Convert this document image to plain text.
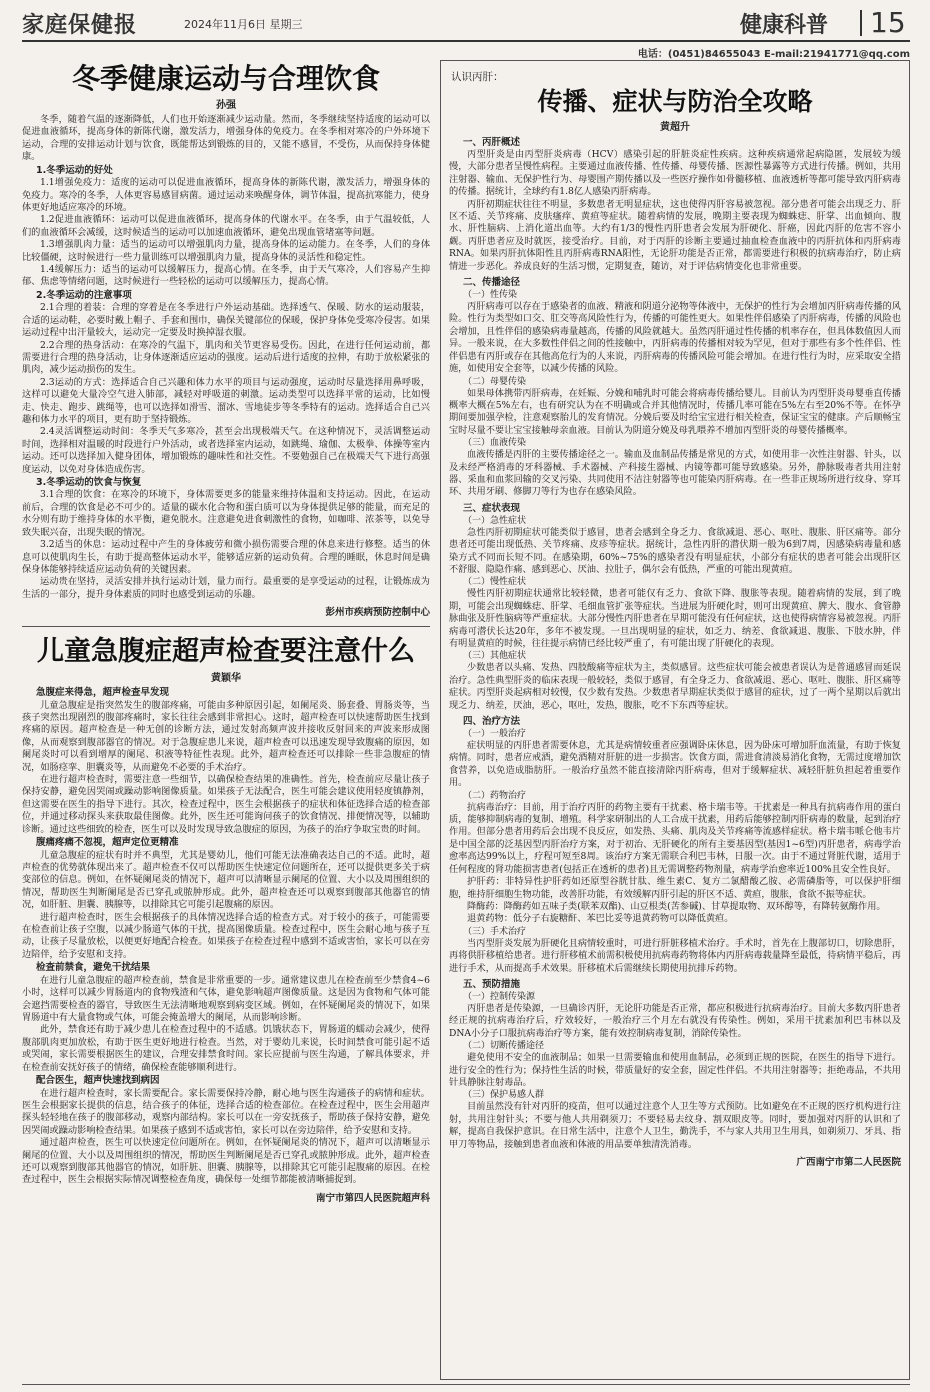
家庭保健报	2024年11月6日 星期三	健康科普 15
电话：(0451)84655043 E-mail:21941771@qq.com
冬季健康运动与合理饮食
孙强

冬季，随着气温的逐渐降低，人们也开始逐渐减少运动量。然而，冬季继续坚持适度的运动可以促进血液循环，提高身体的新陈代谢，激发活力，增强身体的免疫力。在冬季相对寒冷的户外环境下运动，合理的安排运动计划与饮食，既能帮达到锻炼的目的，又能不感冒，不受伤，从而保持身体健康。

1.冬季运动的好处

1.1增强免疫力：适度的运动可以促进血液循环，提高身体的新陈代谢，激发活力，增强身体的免疫力。寒冷的冬季，人体更容易感冒病菌。通过运动来唤醒身体，调节体温，提高抗寒能力，使身体更好地适应寒冷的环境。

1.2促进血液循环：运动可以促进血液循环，提高身体的代谢水平。在冬季，由于气温较低，人们的血液循环会减缓，这时候适当的运动可以加速血液循环，避免出现血管堵塞等问题。

1.3增强肌肉力量：适当的运动可以增强肌肉力量，提高身体的运动能力。在冬季，人们的身体比较僵硬，这时候进行一些力量训练可以增强肌肉力量，提高身体的灵活性和稳定性。

1.4缓解压力：适当的运动可以缓解压力，提高心情。在冬季，由于天气寒冷，人们容易产生抑郁、焦虑等情绪问题，这时候进行一些轻松的运动可以缓解压力，提高心情。

2.冬季运动的注意事项

2.1合理的着装：合理的穿着是在冬季进行户外运动基础。选择透气、保暖、防水的运动服装，合适的运动鞋，必要时戴上帽子、手套和围巾，确保关键部位的保暖，保护身体免受寒冷侵害。如果运动过程中出汗量较大，运动完一定要及时换掉湿衣服。

2.2合理的热身活动：在寒冷的气温下，肌肉和关节更容易受伤。因此，在进行任何运动前，都需要进行合理的热身活动，让身体逐渐适应运动的强度。运动后进行适度的拉伸，有助于放松紧张的肌肉，减少运动损伤的发生。

2.3运动的方式：选择适合自己兴趣和体力水平的项目与运动强度，运动时尽量选择用鼻呼吸，这样可以避免大量冷空气进入肺部，减轻对呼吸道的刺激。运动类型可以选择平常的运动，比如慢走、快走、跑步、跳绳等，也可以选择如滑雪、溜冰、雪地徒步等冬季特有的运动。选择适合自己兴趣和体力水平的项目，更有助于坚持锻炼。

2.4灵活调整运动时间：冬季天气多寒冷，甚至会出现极端天气。在这种情况下，灵活调整运动时间，选择相对温暖的时段进行户外活动，或者选择室内运动，如跳绳、瑜伽、太极拳、体操等室内运动。还可以选择加入健身团体，增加锻炼的趣味性和社交性。不要勉强自己在极端天气下进行高强度运动，以免对身体造成伤害。

3.冬季运动的饮食与恢复

3.1合理的饮食：在寒冷的环境下，身体需要更多的能量来维持体温和支持运动。因此，在运动前后，合理的饮食是必不可少的。适量的碳水化合物和蛋白质可以为身体提供足够的能量，而充足的水分则有助于维持身体的水平衡，避免脱水。注意避免进食刺激性的食物，如咖啡、浓茶等，以免导致失眠兴奋，出现失眠的情况。

3.2适当的休息：运动过程中产生的身体疲劳和微小损伤需要合理的休息来进行修整。适当的休息可以使肌肉生长，有助于提高整体运动水平，能够适应新的运动负荷。合理的睡眠，休息时间是确保身体能够持续适应运动负荷的关键因素。

运动贵在坚持，灵活安排并执行运动计划，量力而行。最重要的是享受运动的过程，让锻炼成为生活的一部分，提升身体素质的同时也感受到运动的乐趣。

彭州市疾病预防控制中心
儿童急腹症超声检查要注意什么
黄颖华
急腹症来得急，超声检查早发现

儿童急腹症是指突然发生的腹部疼痛，可能由多种原因引起，如阑尾炎、肠套叠、胃肠炎等，当孩子突然出现剧烈的腹部疼痛时，家长往往会感到非常担心。这时，超声检查可以快速帮助医生找到疼痛的原因。超声检查是一种无创的诊断方法，通过发射高频声波并接收反射回来的声波来形成图像，从而观察到腹部器官的情况。对于急腹症患儿来说，超声检查可以迅速发现导致腹痛的原因，如阑尾炎时可以看到增厚的阑尾、积液等特征性表现。此外，超声检查还可以排除一些非急腹症的情况，如肠痉挛、胆囊炎等，从而避免不必要的手术治疗。

在进行超声检查时，需要注意一些细节，以确保检查结果的准确性。首先，检查前应尽量让孩子保持安静，避免因哭闹或躁动影响图像质量。如果孩子无法配合，医生可能会建议使用轻度镇静剂，但这需要在医生的指导下进行。其次，检查过程中，医生会根据孩子的症状和体征选择合适的检查部位，并通过移动探头来获取最佳图像。此外，医生还可能询问孩子的饮食情况、排便情况等，以辅助诊断。通过这些细致的检查，医生可以及时发现导致急腹症的原因，为孩子的治疗争取宝贵的时间。

腹痛疼痛不忽视，超声定位更精准

儿童急腹症的症状有时并不典型，尤其是婴幼儿，他们可能无法准确表达自己的不适。此时，超声检查的优势就体现出来了。超声检查不仅可以帮助医生快速定位问题所在，还可以提供更多关于病变部位的信息。例如，在怀疑阑尾炎的情况下，超声可以清晰显示阑尾的位置、大小以及周围组织的情况，帮助医生判断阑尾是否已穿孔或脓肿形成。此外，超声检查还可以观察到腹部其他器官的情况，如肝脏、胆囊、胰腺等，以排除其它可能引起腹痛的原因。

进行超声检查时，医生会根据孩子的具体情况选择合适的检查方式。对于较小的孩子，可能需要在检查前让孩子空腹，以减少肠道气体的干扰，提高图像质量。检查过程中，医生会耐心地与孩子互动，让孩子尽量放松，以便更好地配合检查。如果孩子在检查过程中感到不适或害怕，家长可以在旁边陪伴，给予安慰和支持。

检查前禁食，避免干扰结果

在进行儿童急腹症的超声检查前，禁食是非常重要的一步。通常建议患儿在检查前至少禁食4~6小时，这样可以减少胃肠道内的食物残渣和气体，避免影响超声图像质量。这是因为食物和气体可能会遮挡需要检查的器官，导致医生无法清晰地观察到病变区域。例如，在怀疑阑尾炎的情况下，如果胃肠道中有大量食物或气体，可能会掩盖增大的阑尾，从而影响诊断。

此外，禁食还有助于减少患儿在检查过程中的不适感。饥饿状态下，胃肠道的蠕动会减少，使得腹部肌肉更加放松，有助于医生更好地进行检查。当然，对于婴幼儿来说，长时间禁食可能引起不适或哭闹，家长需要根据医生的建议，合理安排禁食时间。家长应提前与医生沟通，了解具体要求，并在检查前安抚好孩子的情绪，确保检查能够顺利进行。

配合医生，超声快速找到病因

在进行超声检查时，家长需要配合。家长需要保持冷静，耐心地与医生沟通孩子的病情和症状。医生会根据家长提供的信息，结合孩子的体征，选择合适的检查部位。在检查过程中，医生会用超声探头轻轻地在孩子的腹部移动，观察内部结构。家长可以在一旁安抚孩子，帮助孩子保持安静，避免因哭闹或躁动影响检查结果。如果孩子感到不适或害怕，家长可以在旁边陪伴，给予安慰和支持。

通过超声检查，医生可以快速定位问题所在。例如，在怀疑阑尾炎的情况下，超声可以清晰显示阑尾的位置、大小以及周围组织的情况，帮助医生判断阑尾是否已穿孔或脓肿形成。此外，超声检查还可以观察到腹部其他器官的情况，如肝脏、胆囊、胰腺等，以排除其它可能引起腹痛的原因。在检查过程中，医生会根据实际情况调整检查角度，确保每一处细节都能被清晰捕捉到。

南宁市第四人民医院超声科
认识丙肝：
传播、症状与防治全攻略
黄超升
一、丙肝概述

丙型肝炎是由丙型肝炎病毒（HCV）感染引起的肝脏炎症性疾病。这种疾病通常起病隐匿，发展较为缓慢，大部分患者呈慢性病程。主要通过血液传播、性传播、母婴传播、医源性暴露等方式进行传播。例如，共用注射器、输血、无保护性行为、母婴围产期传播以及一些医疗操作如骨髓移植、血液透析等都可能导致丙肝病毒的传播。据统计，全球约有1.8亿人感染丙肝病毒。

丙肝初期症状往往不明显，多数患者无明显症状，这也使得丙肝容易被忽视。部分患者可能会出现乏力、肝区不适、关节疼痛、皮肤瘙痒、黄疸等症状。随着病情的发展，晚期主要表现为蜘蛛痣、肝掌、出血倾向、腹水、肝性脑病、上消化道出血等。大约有1/3的慢性丙肝患者会发展为肝硬化、肝癌，因此丙肝的危害不容小觑。丙肝患者应及时就医，接受治疗。目前，对于丙肝的诊断主要通过抽血检查血液中的丙肝抗体和丙肝病毒RNA。如果丙肝抗体阳性且丙肝病毒RNA阳性，无论肝功能是否正常，都需要进行积极的抗病毒治疗，防止病情进一步恶化。养成良好的生活习惯，定期复查，随访，对于评估病情变化也非常重要。

二、传播途径
（一）性传染

丙肝病毒可以存在于感染者的血液、精液和阴道分泌物等体液中，无保护的性行为会增加丙肝病毒传播的风险。性行为类型如口交、肛交等高风险性行为，传播的可能性更大。如果性伴侣感染了丙肝病毒，传播的风险也会增加，且性伴侣的感染病毒量越高，传播的风险就越大。虽然丙肝通过性传播的机率存在，但具体数值因人而异。一般来说，在大多数性伴侣之间的性接触中，丙肝病毒的传播相对较为罕见，但对于那些有多个性伴侣、性伴侣患有丙肝或存在其他高危行为的人来说，丙肝病毒的传播风险可能会增加。在进行性行为时，应采取安全措施，如使用安全套等，以减少传播的风险。

（二）母婴传染

如果母体携带丙肝病毒，在妊娠、分娩和哺乳时可能会将病毒传播给婴儿。目前认为丙型肝炎母婴垂直传播概率大概在5%左右，也有研究认为在不明确或合并其他情况时，传播几率可能在5%左右至20%不等。在怀孕期间要加强孕检，注意观察胎儿的发育情况。分娩后要及时给宝宝进行相关检查，保证宝宝的健康。产后顺畅宝宝时尽量不要让宝宝接触母亲血液。目前认为阴道分娩及母乳喂养不增加丙型肝炎的母婴传播概率。

（三）血液传染

血液传播是丙肝的主要传播途径之一。输血及血制品传播是常见的方式，如使用非一次性注射器、针头，以及未经严格消毒的牙科器械、手术器械、产科接生器械、内镜等都可能导致感染。另外，静脉吸毒者共用注射器、采血和血浆回输的交叉污染、共同使用不洁注射器等也可能染丙肝病毒。在一些非正规场所进行纹身、穿耳环、共用牙刷、修脚刀等行为也存在感染风险。

三、症状表现
（一）急性症状

急性丙肝初期症状可能类似于感冒，患者会感到全身乏力、食欲减退、恶心、呕吐、腹胀、肝区痛等。部分患者还可能出现低热、关节疼痛、皮疹等症状。据统计，急性丙肝的潜伏期一般为6到7周，因感染病毒量和感染方式不同而长短不同。在感染期，60%~75%的感染者没有明显症状，小部分有症状的患者可能会出现肝区不舒服、隐隐作痛、感到恶心、厌油、拉肚子，偶尔会有低热，严重的可能出现黄疸。

（二）慢性症状

慢性丙肝初期症状通常比较轻微，患者可能仅有乏力、食欲下降、腹胀等表现。随着病情的发展，到了晚期，可能会出现蜘蛛痣、肝掌、毛细血管扩张等症状。当进展为肝硬化时，则可出现黄疸、脾大、腹水、食管静脉曲张及肝性脑病等严重症状。大部分慢性丙肝患者在早期可能没有任何症状，这也使得病情容易被忽视。丙肝病毒可潜伏长达20年，多年不被发现。一旦出现明显的症状，如乏力、纳差、食欲减退、腹胀、下肢水肿，伴有明显黄疸的时候，往往提示病情已经比较严重了，有可能出现了肝硬化的表现。

（三）其他症状

少数患者以头痛、发热、四肢酸痛等症状为主，类似感冒。这些症状可能会被患者误认为是普通感冒而延误治疗。急性典型肝炎的临床表现一般较轻，类似于感冒，有全身乏力、食欲减退、恶心、呕吐、腹胀、肝区痛等症状。丙型肝炎起病相对较慢，仅少数有发热。少数患者早期症状类似于感冒的症状，过了一两个星期以后就出现乏力、纳差，厌油，恶心，呕吐，发热，腹胀，吃不下东西等症状。

四、治疗方法
（一）一般治疗

症状明显的丙肝患者需要休息，尤其是病情较重者应强调卧床休息，因为卧床可增加肝血流量，有助于恢复病情。同时，患者应戒酒，避免酒精对肝脏的进一步损害。饮食方面，需进食清淡易消化食物，无需过度增加饮食营养，以免造成脂肪肝。一般治疗虽然不能直接清除丙肝病毒，但对于缓解症状、减轻肝脏负担起着重要作用。

（二）药物治疗

抗病毒治疗：目前，用于治疗丙肝的药物主要有干扰素、格卡瑞韦等。干扰素是一种具有抗病毒作用的蛋白质，能够抑制病毒的复制、增殖。科学家研制出的人工合成干扰素，用药后能够控制丙肝病毒的数量，起到治疗作用。但部分患者用药后会出现不良反应，如发热、头痛、肌肉及关节疼痛等流感样症状。格卡瑞韦哌仑他韦片是中国全部的泛基因型丙肝治疗方案，对于初治、无肝硬化的所有主要基因型(基因1~6型)丙肝患者，病毒学治愈率高达99%以上，疗程可短至8周。该治疗方案无需联合利巴韦林，日服一次。由于不通过肾脏代谢，适用于任何程度的肾功能损害患者(包括正在透析的患者)且无需调整药物剂量，病毒学治愈率近100%且安全性良好。

护肝药：非特异性护肝药如还原型谷胱甘肽、维生素C、复方二氯醋酸乙胺、必需磷脂等，可以保护肝细胞，维持肝细胞生物功能，改善肝功能，有效缓解丙肝引起的肝区不适、黄疸，腹胀，食欲不振等症状。

降酶药：降酶药如五味子类(联苯双酯)、山豆根类(苦参碱)、甘草提取物、双环醇等，有降转氨酶作用。

退黄药物：低分子右旋糖酐、苯巴比妥等退黄药物可以降低黄疸。

（三）手术治疗

当丙型肝炎发展为肝硬化且病情较重时，可进行肝脏移植术治疗。手术时，首先在上腹部切口，切除患肝，再将供肝移植给患者。进行肝移植术前需积极使用抗病毒药物将体内丙肝病毒载量降至最低，待病情平稳后，再进行手术，从而提高手术效果。肝移植术后需继续长期使用抗排斥药物。

五、预防措施
（一）控制传染源

丙肝患者是传染源，一旦确诊丙肝，无论肝功能是否正常，都应积极进行抗病毒治疗。目前大多数丙肝患者经正规的抗病毒治疗后，疗效较好，一般治疗三个月左右就没有传染性。例如，采用干扰素加利巴韦林以及DNA小分子口服抗病毒治疗等方案，能有效控制病毒复制，消除传染性。

（二）切断传播途径

避免使用不安全的血液制品；如果一旦需要输血和使用血制品，必须到正规的医院，在医生的指导下进行。进行安全的性行为；保持性生活的时候，带质量好的安全套，固定性伴侣。不共用注射器等；拒绝毒品，不共用针具静脉注射毒品。

（三）保护易感人群

目前虽然没有针对丙肝的疫苗，但可以通过注意个人卫生等方式预防。比如避免在不正规的医疗机构进行注射，共用注射针头；不要与他人共用剃须刀；不要轻易去纹身、割双眼皮等。同时，要加强对丙肝的认识和了解，提高自我保护意识。在日常生活中，注意个人卫生，勤洗手，不与家人共用卫生用具，如剃须刀、牙具、指甲刀等物品，接触到患者血液和体液的用品要单独清洗消毒。

广西南宁市第二人民医院
